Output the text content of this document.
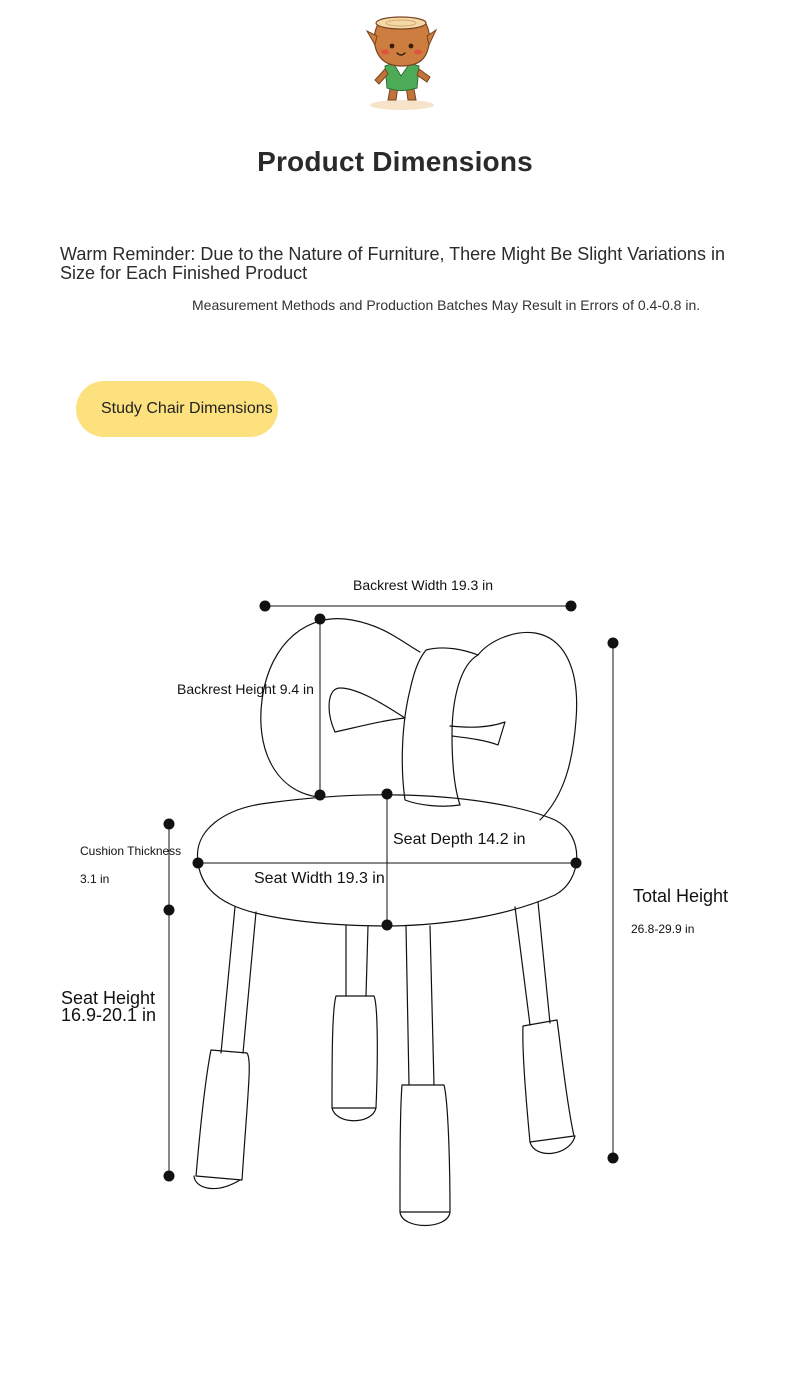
Product Dimensions
Warm Reminder: Due to the Nature of Furniture, There Might Be Slight Variations in Size for Each Finished Product
Measurement Methods and Production Batches May Result in Errors of 0.4-0.8 in.
Study Chair Dimensions
Backrest Width 19.3 in
Backrest Height 9.4 in
Cushion Thickness
3.1 in
Seat Depth 14.2 in
Seat Width 19.3 in
Total Height
26.8-29.9 in
Seat Height 16.9-20.1 in
